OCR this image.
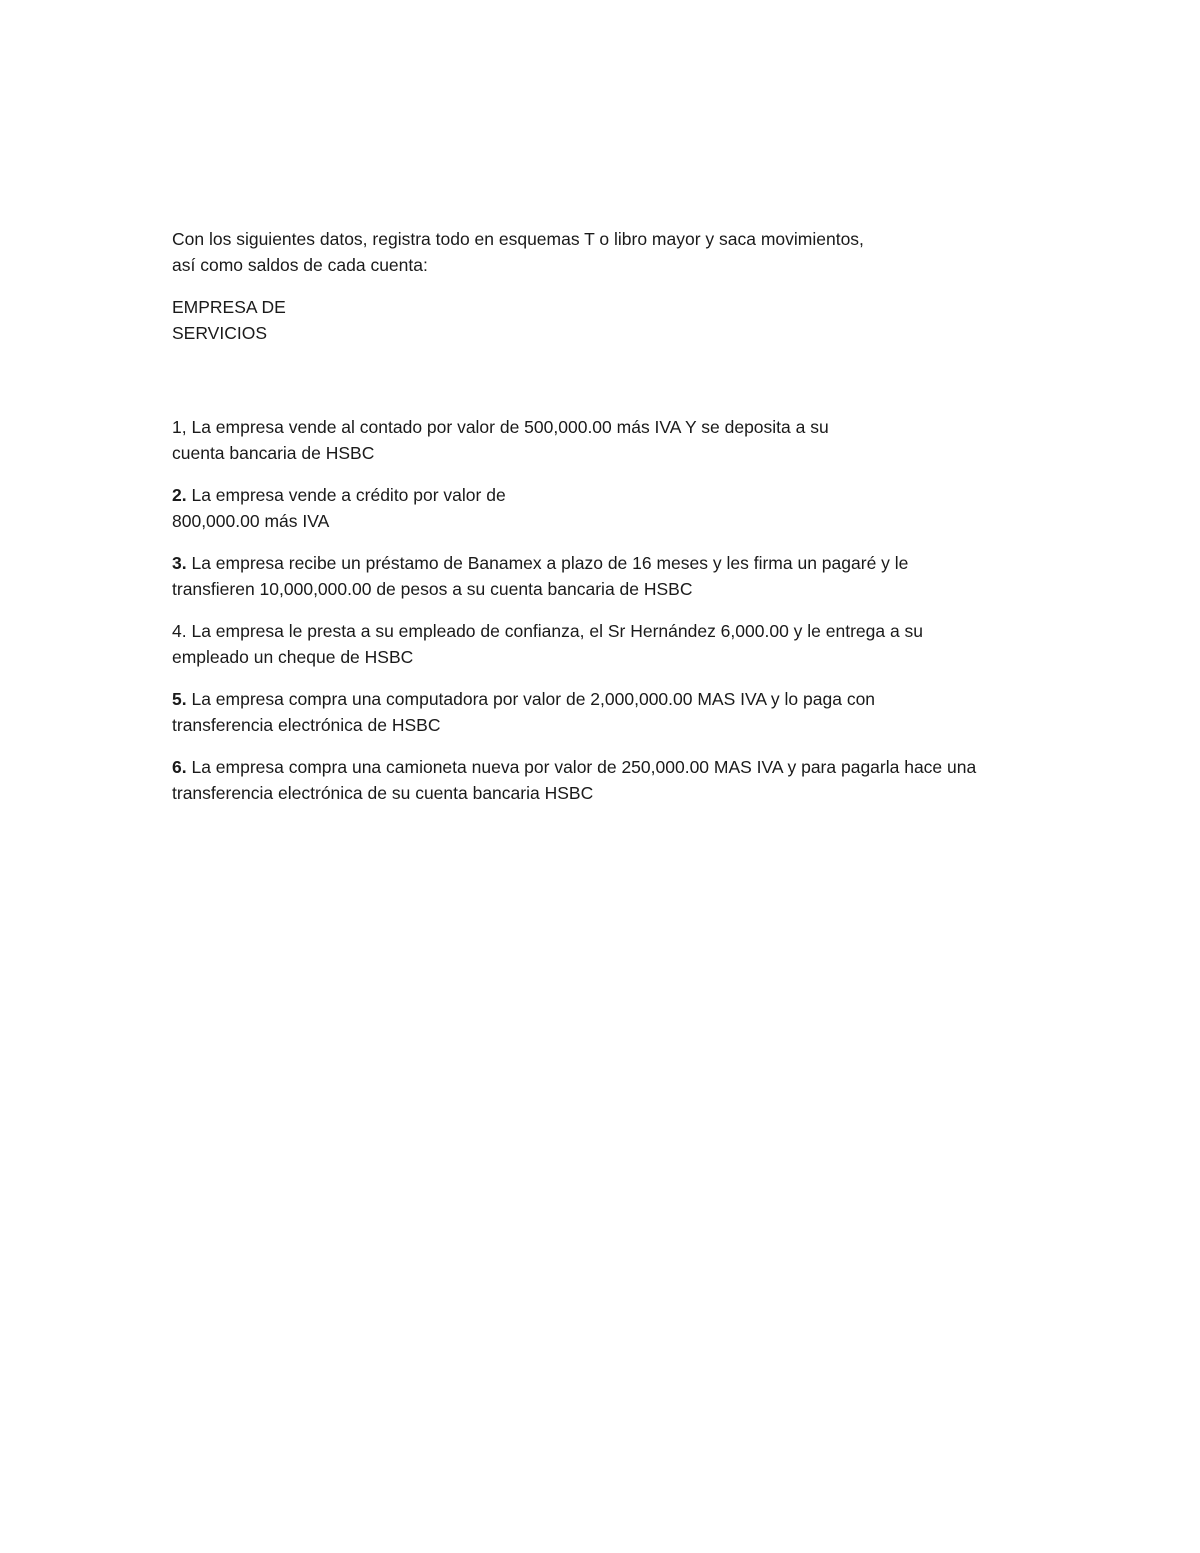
Con los siguientes datos, registra todo en esquemas T o libro mayor y saca movimientos,
así como saldos de cada cuenta:

EMPRESA DE
SERVICIOS

1, La empresa vende al contado por valor de 500,000.00 más IVA Y se deposita a su
cuenta bancaria de HSBC

2. La empresa vende a crédito por valor de
800,000.00 más IVA

3. La empresa recibe un préstamo de Banamex a plazo de 16 meses y les firma un pagaré y le
transfieren 10,000,000.00 de pesos a su cuenta bancaria de HSBC

4. La empresa le presta a su empleado de confianza, el Sr Hernández 6,000.00 y le entrega a su
empleado un cheque de HSBC

5. La empresa compra una computadora por valor de 2,000,000.00 MAS IVA y lo paga con
transferencia electrónica de HSBC

6. La empresa compra una camioneta nueva por valor de 250,000.00 MAS IVA y para pagarla hace una
transferencia electrónica de su cuenta bancaria HSBC
